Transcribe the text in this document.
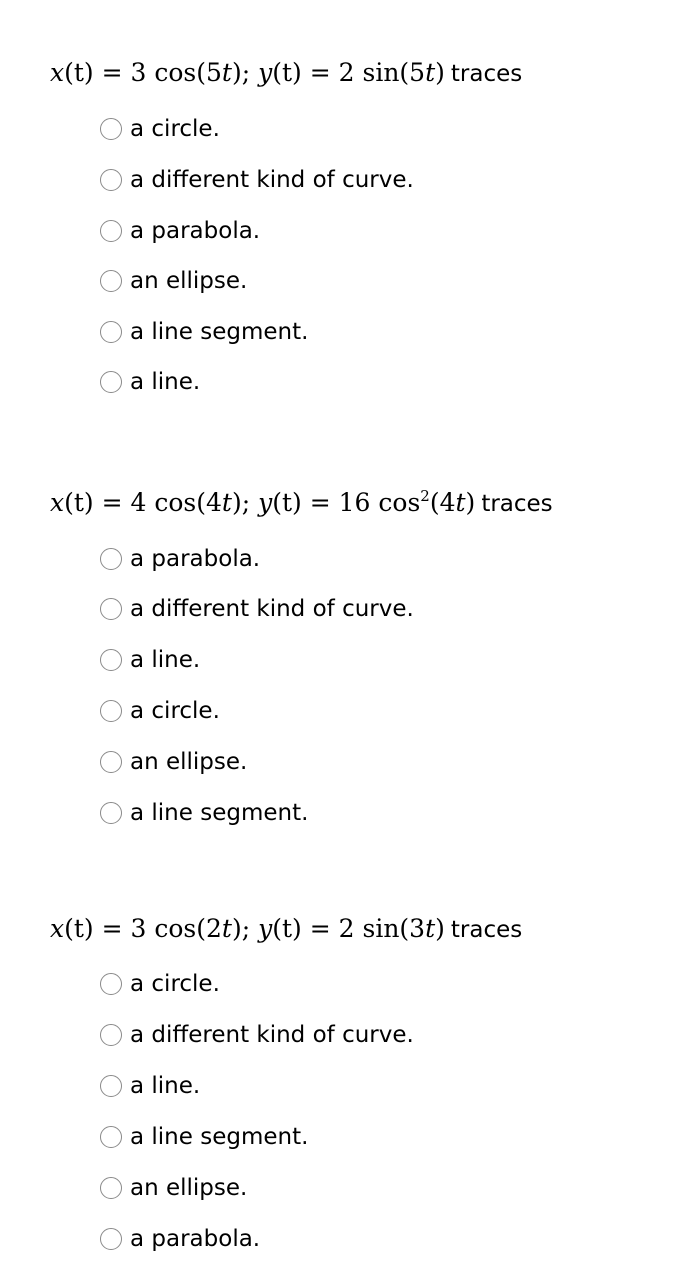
x(t) = 3 cos(5t); y(t) = 2 sin(5t) traces
a circle.
a different kind of curve.
a parabola.
an ellipse.
a line segment.
a line.
x(t) = 4 cos(4t); y(t) = 16 $\cos^2(4t)$ traces
a parabola.
a different kind of curve.
a line.
a circle.
an ellipse.
a line segment.
x(t) = 3 cos(2t); y(t) = 2 sin(3t) traces
a circle.
a different kind of curve.
a line.
a line segment.
an ellipse.
a parabola.
